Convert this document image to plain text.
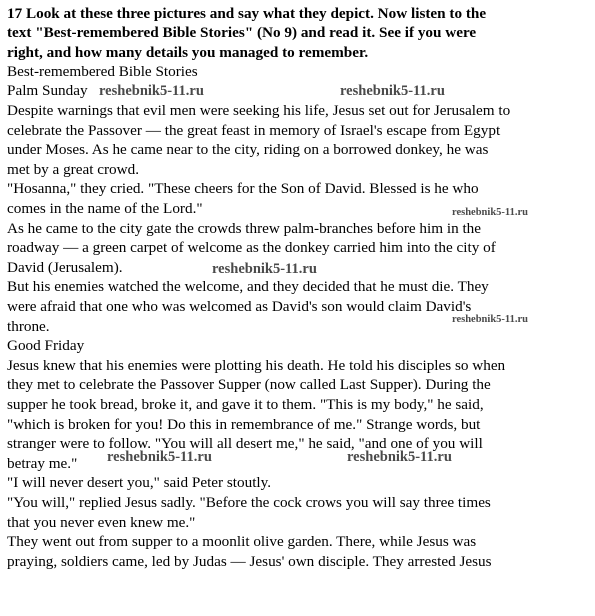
17 Look at these three pictures and say what they depict. Now listen to the
text "Best-remembered Bible Stories" (No 9) and read it. See if you were
right, and how many details you managed to remember.
Best-remembered Bible Stories
Palm Sunday reshebnik5-11.ru	reshebnik5-11.ru
Despite warnings that evil men were seeking his life, Jesus set out for Jerusalem to
celebrate the Passover — the great feast in memory of Israel's escape from Egypt
under Moses. As he came near to the city, riding on a borrowed donkey, he was
met by a great crowd.
"Hosanna," they cried. "These cheers for the Son of David. Blessed is he who
comes in the name of the Lord."	reshebnik5-11.ru
As he came to the city gate the crowds threw palm-branches before him in the
roadway — a green carpet of welcome as the donkey carried him into the city of
David (Jerusalem).	reshebnik5-11.ru
But his enemies watched the welcome, and they decided that he must die. They
were afraid that one who was welcomed as David's son would claim David's
throne.	reshebnik5-11.ru
Good Friday
Jesus knew that his enemies were plotting his death. He told his disciples so when
they met to celebrate the Passover Supper (now called Last Supper). During the
supper he took bread, broke it, and gave it to them. "This is my body," he said,
"which is broken for you! Do this in remembrance of me." Strange words, but
stranger were to follow. "You will all desert me," he said, "and one of you will
betray me." reshebnik5-11.ru	reshebnik5-11.ru
"I will never desert you," said Peter stoutly.
"You will," replied Jesus sadly. "Before the cock crows you will say three times
that you never even knew me."
They went out from supper to a moonlit olive garden. There, while Jesus was
praying, soldiers came, led by Judas — Jesus' own disciple. They arrested Jesus
